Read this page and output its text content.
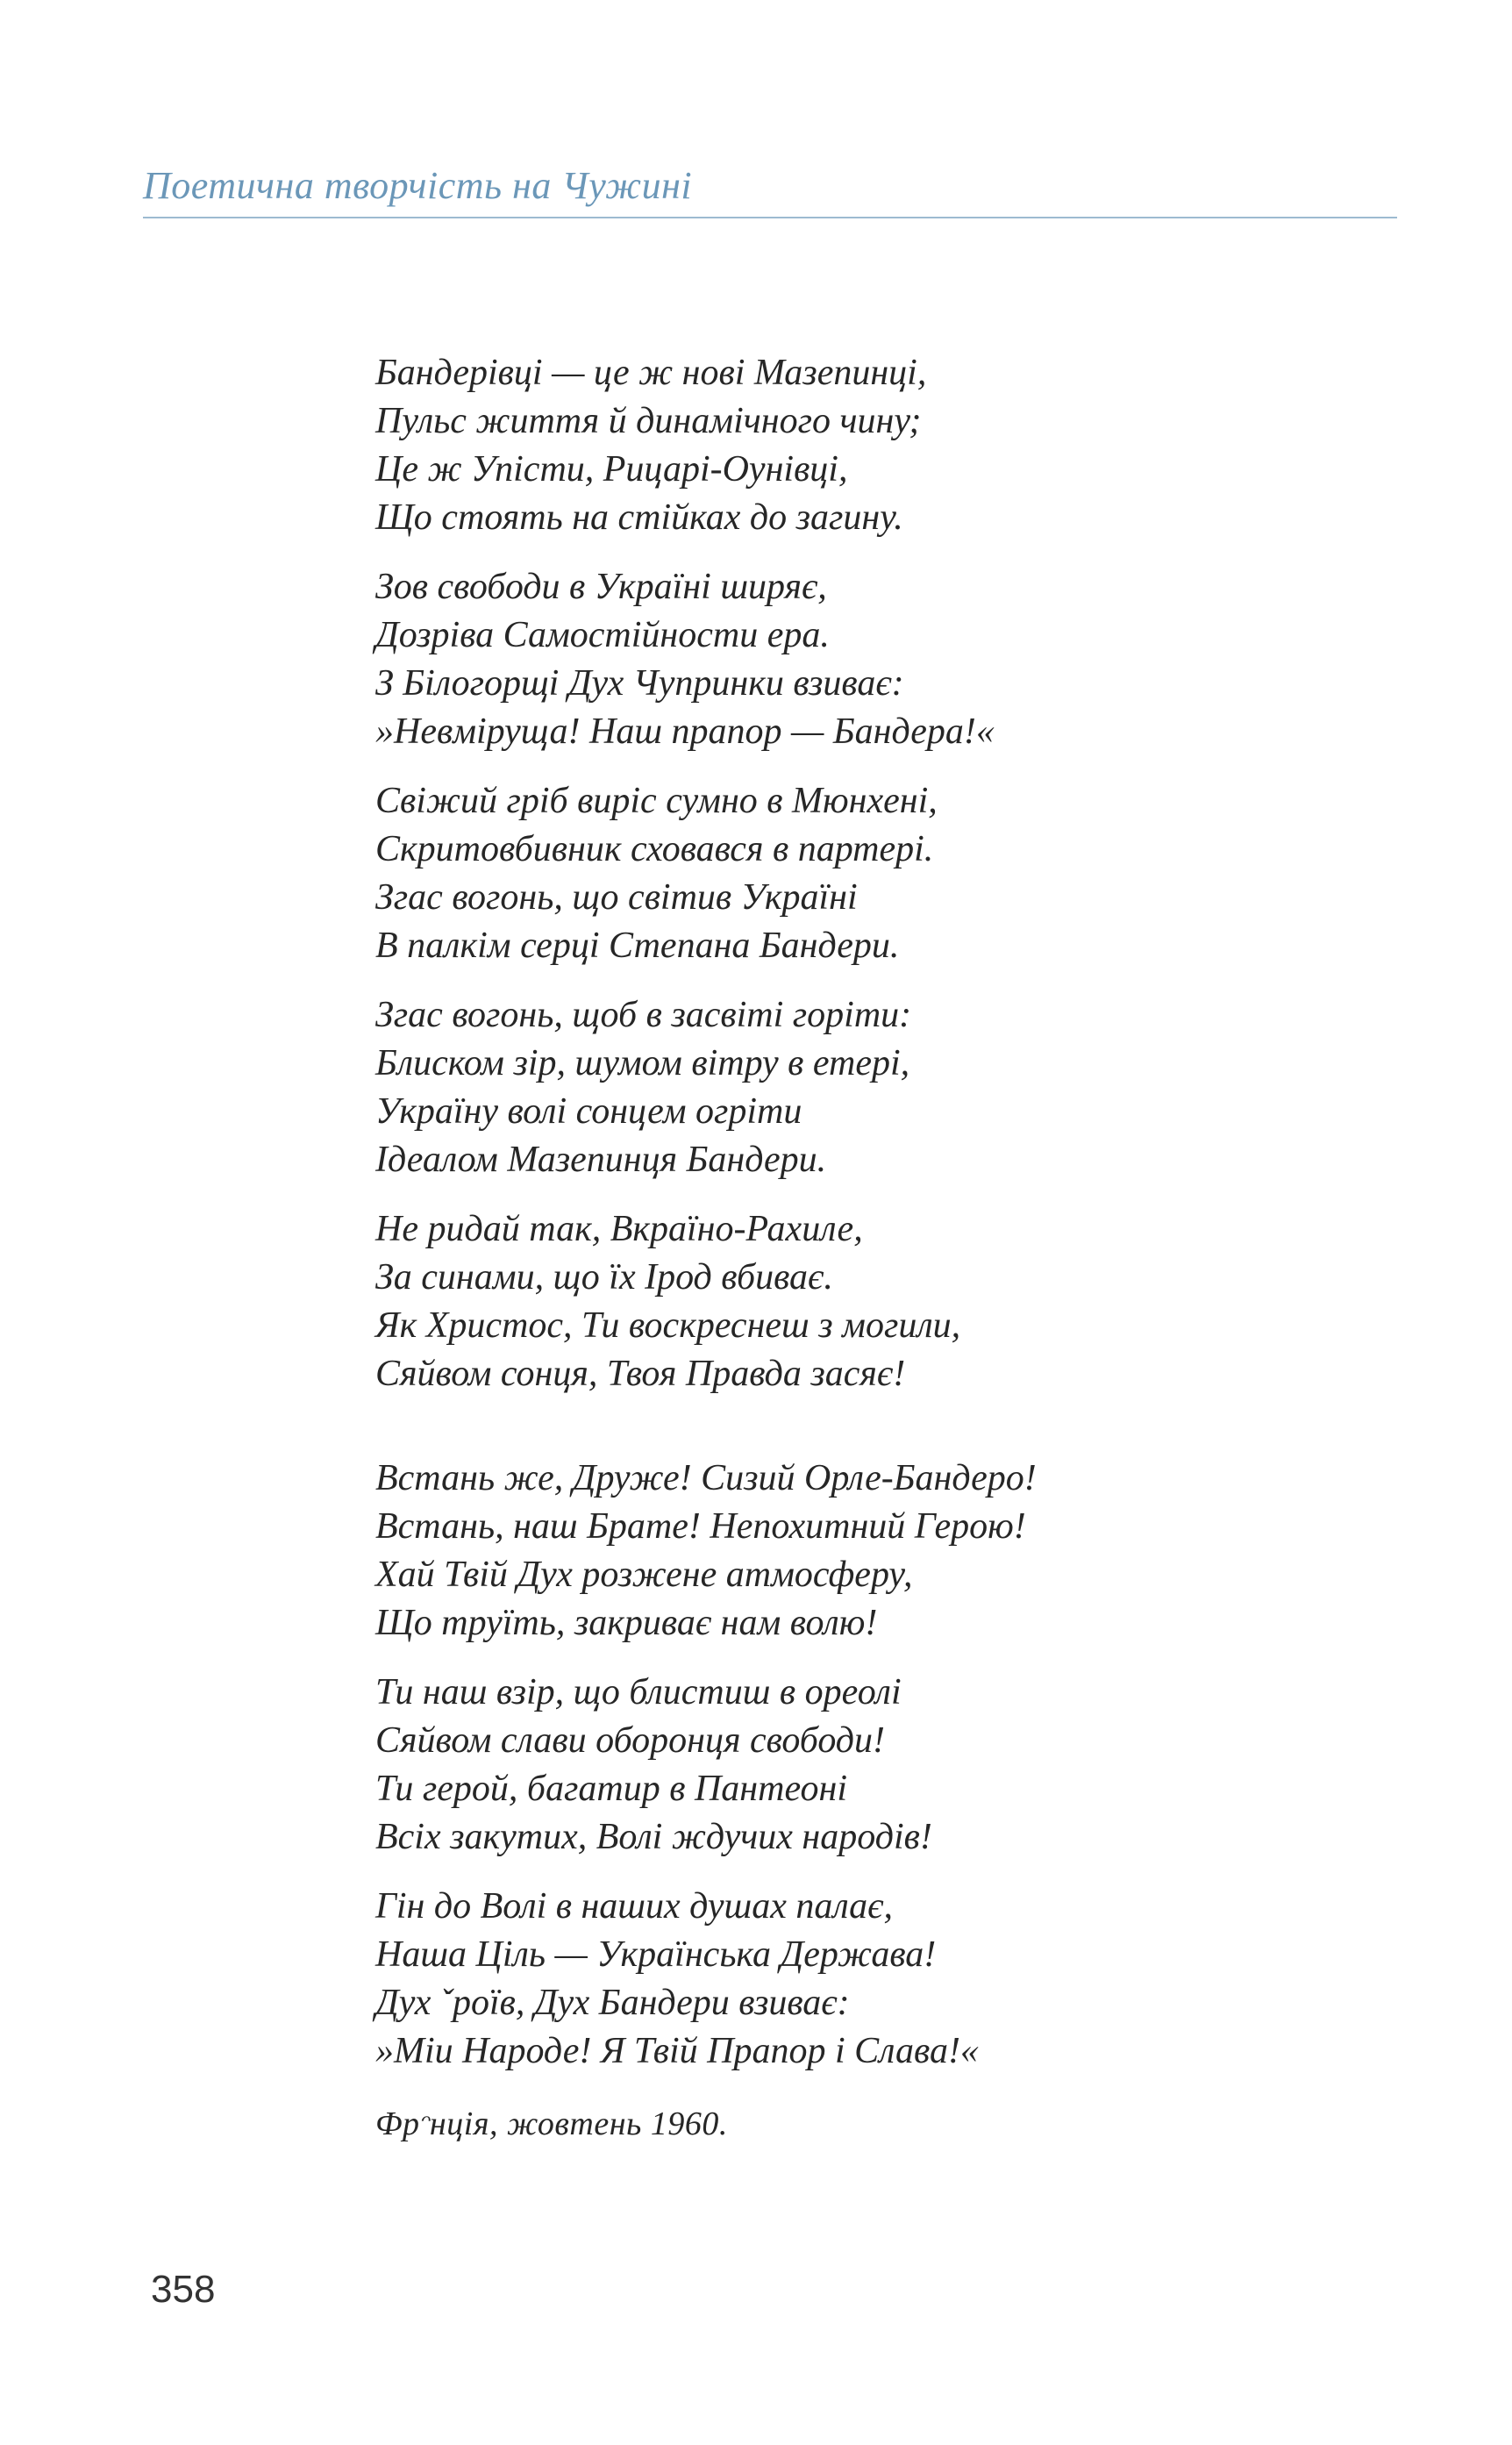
Поетична творчість на Чужині
Бандерівці — це ж нові Мазепинці,
Пульс життя й динамічного чину;
Це ж Упісти, Рицарі-Оунівці,
Що стоять на стійках до загину.
Зов свободи в Україні ширяє,
Дозріва Самостійности ера.
З Білогорщі Дух Чупринки взиває:
»Невміруща! Наш прапор — Бандера!«
Свіжий гріб виріс сумно в Мюнхені,
Скритовбивник сховався в партері.
Згас вогонь, що світив Україні
В палкім серці Степана Бандери.
Згас вогонь, щоб в засвіті горіти:
Блиском зір, шумом вітру в етері,
Україну волі сонцем огріти
Ідеалом Мазепинця Бандери.
Не ридай так, Вкраїно-Рахиле,
За синами, що їх Ірод вбиває.
Як Христос, Ти воскреснеш з могили,
Сяйвом сонця, Твоя Правда засяє!
Встань же, Друже! Сизий Орле-Бандеро!
Встань, наш Брате! Непохитний Герою!
Хай Твій Дух розжене атмосферу,
Що труїть, закриває нам волю!
Ти наш взір, що блистиш в ореолі
Сяйвом слави оборонця свободи!
Ти герой, багатир в Пантеоні
Всіх закутих, Волі ждучих народів!
Гін до Волі в наших душах палає,
Наша Ціль — Українська Держава!
Дух ˇроїв, Дух Бандери взиває:
»Мiи Народе! Я Твій Прапор і Слава!«
Фрᵔнція, жовтень 1960.
358
